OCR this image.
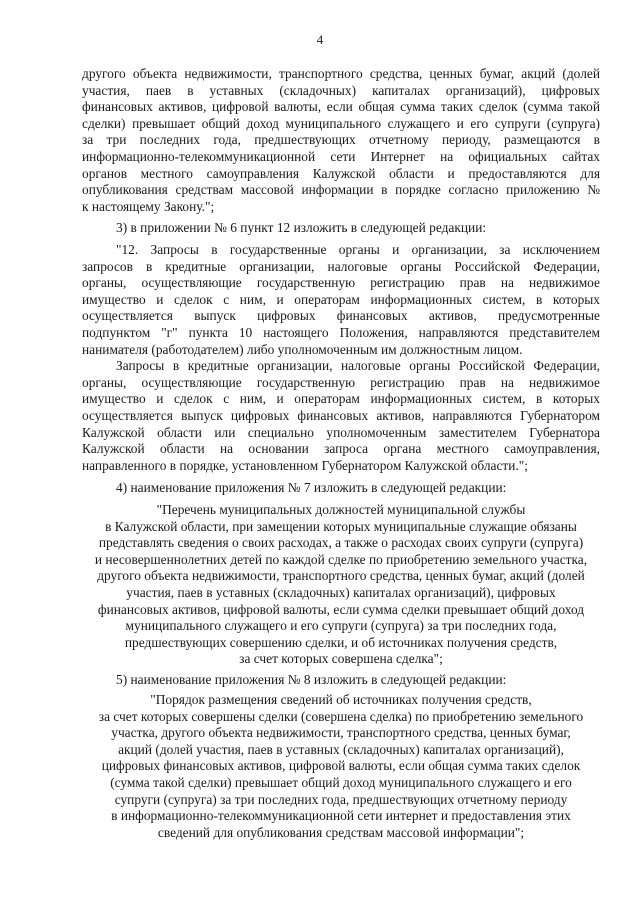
4
другого объекта недвижимости, транспортного средства, ценных бумаг, акций (долей
участия, паев в уставных (складочных) капиталах организаций), цифровых
финансовых активов, цифровой валюты, если общая сумма таких сделок (сумма такой
сделки) превышает общий доход муниципального служащего и его супруги (супруга)
за три последних года, предшествующих отчетному периоду, размещаются в
информационно-телекоммуникационной сети Интернет на официальных сайтах
органов местного самоуправления Калужской области и предоставляются для
опубликования средствам массовой информации в порядке согласно приложению №
к настоящему Закону.";
3) в приложении № 6 пункт 12 изложить в следующей редакции:
"12. Запросы в государственные органы и организации, за исключением
запросов в кредитные организации, налоговые органы Российской Федерации,
органы, осуществляющие государственную регистрацию прав на недвижимое
имущество и сделок с ним, и операторам информационных систем, в которых
осуществляется выпуск цифровых финансовых активов, предусмотренные
подпунктом "г" пункта 10 настоящего Положения, направляются представителем
нанимателя (работодателем) либо уполномоченным им должностным лицом.
Запросы в кредитные организации, налоговые органы Российской Федерации,
органы, осуществляющие государственную регистрацию прав на недвижимое
имущество и сделок с ним, и операторам информационных систем, в которых
осуществляется выпуск цифровых финансовых активов, направляются Губернатором
Калужской области или специально уполномоченным заместителем Губернатора
Калужской области на основании запроса органа местного самоуправления,
направленного в порядке, установленном Губернатором Калужской области.";
4) наименование приложения № 7 изложить в следующей редакции:
"Перечень муниципальных должностей муниципальной службы
в Калужской области, при замещении которых муниципальные служащие обязаны
представлять сведения о своих расходах, а также о расходах своих супруги (супруга)
и несовершеннолетних детей по каждой сделке по приобретению земельного участка,
другого объекта недвижимости, транспортного средства, ценных бумаг, акций (долей
участия, паев в уставных (складочных) капиталах организаций), цифровых
финансовых активов, цифровой валюты, если сумма сделки превышает общий доход
муниципального служащего и его супруги (супруга) за три последних года,
предшествующих совершению сделки, и об источниках получения средств,
за счет которых совершена сделка";
5) наименование приложения № 8 изложить в следующей редакции:
"Порядок размещения сведений об источниках получения средств,
за счет которых совершены сделки (совершена сделка) по приобретению земельного
участка, другого объекта недвижимости, транспортного средства, ценных бумаг,
акций (долей участия, паев в уставных (складочных) капиталах организаций),
цифровых финансовых активов, цифровой валюты, если общая сумма таких сделок
(сумма такой сделки) превышает общий доход муниципального служащего и его
супруги (супруга) за три последних года, предшествующих отчетному периоду
в информационно-телекоммуникационной сети интернет и предоставления этих
сведений для опубликования средствам массовой информации";
